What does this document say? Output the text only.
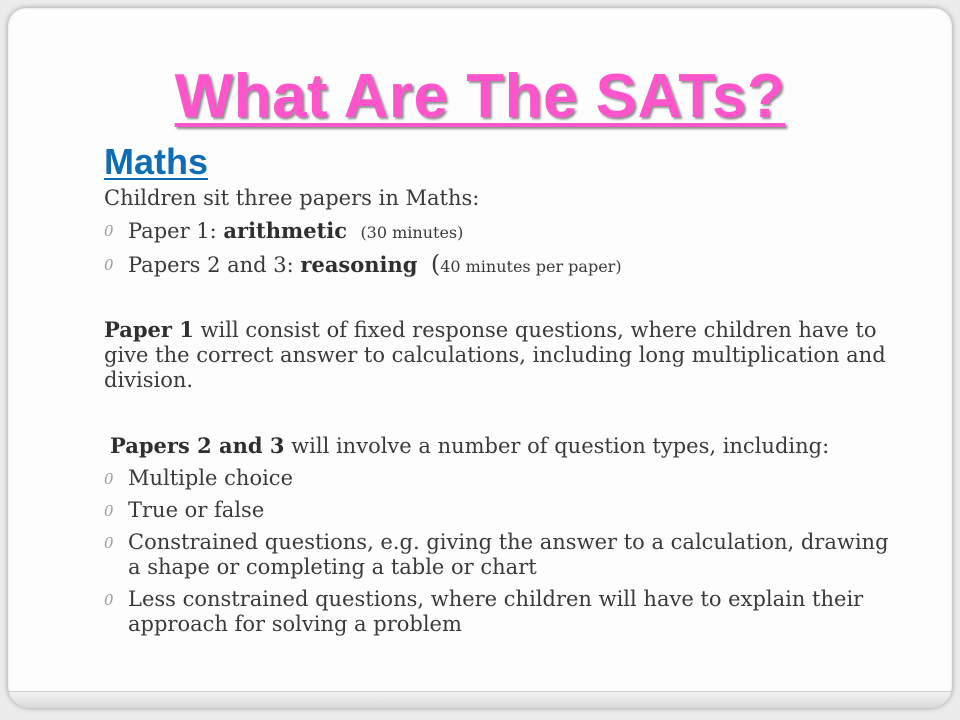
What Are The SATs?
Maths

Children sit three papers in Maths:

0 Paper 1: arithmetic (30 minutes)
0 Papers 2 and 3: reasoning (40 minutes per paper)

Paper 1 will consist of fixed response questions, where children have to give the correct answer to calculations, including long multiplication and division.

Papers 2 and 3 will involve a number of question types, including:

0 Multiple choice
0 True or false
0 Constrained questions, e.g. giving the answer to a calculation, drawing a shape or completing a table or chart
0 Less constrained questions, where children will have to explain their approach for solving a problem
